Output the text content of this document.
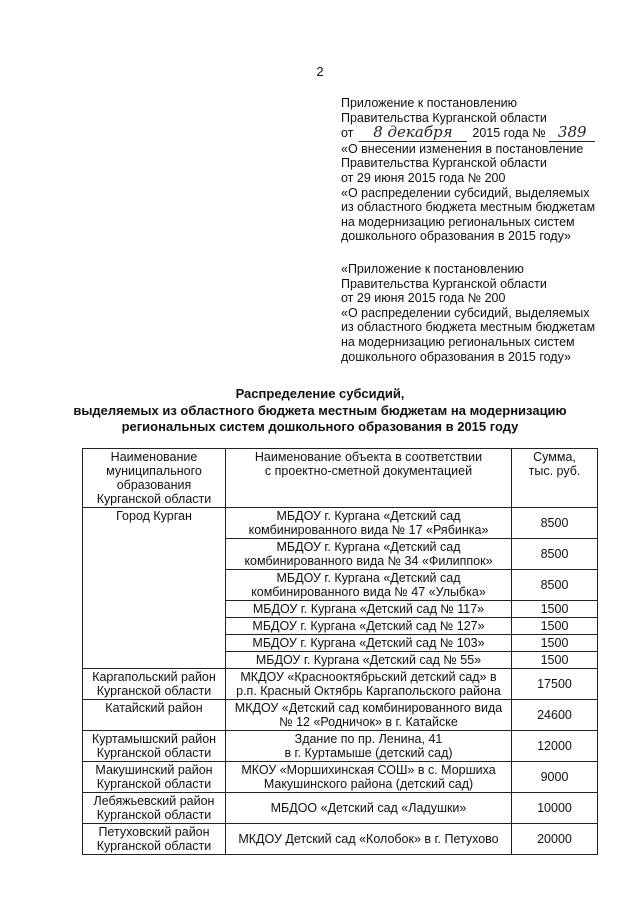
2
Приложение к постановлению
Правительства Курганской области
от 8 декабря 2015 года № 389
«О внесении изменения в постановление
Правительства Курганской области
от 29 июня 2015 года № 200
«О распределении субсидий, выделяемых
из областного бюджета местным бюджетам
на модернизацию региональных систем
дошкольного образования в 2015 году»
«Приложение к постановлению
Правительства Курганской области
от 29 июня 2015 года № 200
«О распределении субсидий, выделяемых
из областного бюджета местным бюджетам
на модернизацию региональных систем
дошкольного образования в 2015 году»
Распределение субсидий,
выделяемых из областного бюджета местным бюджетам на модернизацию
региональных систем дошкольного образования в 2015 году
Наименование
муниципального
образования
Курганской области	Наименование объекта в соответствии
с проектно-сметной документацией	Сумма,
тыс. руб.

Город Курган	МБДОУ г. Кургана «Детский сад
комбинированного вида № 17 «Рябинка»	8500

	МБДОУ г. Кургана «Детский сад
комбинированного вида № 34 «Филиппок»	8500

	МБДОУ г. Кургана «Детский сад
комбинированного вида № 47 «Улыбка»	8500

	МБДОУ г. Кургана «Детский сад № 117»	1500

	МБДОУ г. Кургана «Детский сад № 127»	1500

	МБДОУ г. Кургана «Детский сад № 103»	1500

	МБДОУ г. Кургана «Детский сад № 55»	1500

Каргапольский район
Курганской области	МКДОУ «Краснооктябрьский детский сад» в
р.п. Красный Октябрь Каргапольского района	17500

Катайский район	МКДОУ «Детский сад комбинированного вида
№ 12 «Родничок» в г. Катайске	24600

Куртамышский район
Курганской области	Здание по пр. Ленина, 41
в г. Куртамыше (детский сад)	12000

Макушинский район
Курганской области	МКОУ «Моршихинская СОШ» в с. Моршиха
Макушинского района (детский сад)	9000

Лебяжьевский район
Курганской области	МБДОО «Детский сад «Ладушки»	10000

Петуховский район
Курганской области	МКДОУ Детский сад «Колобок» в г. Петухово	20000
